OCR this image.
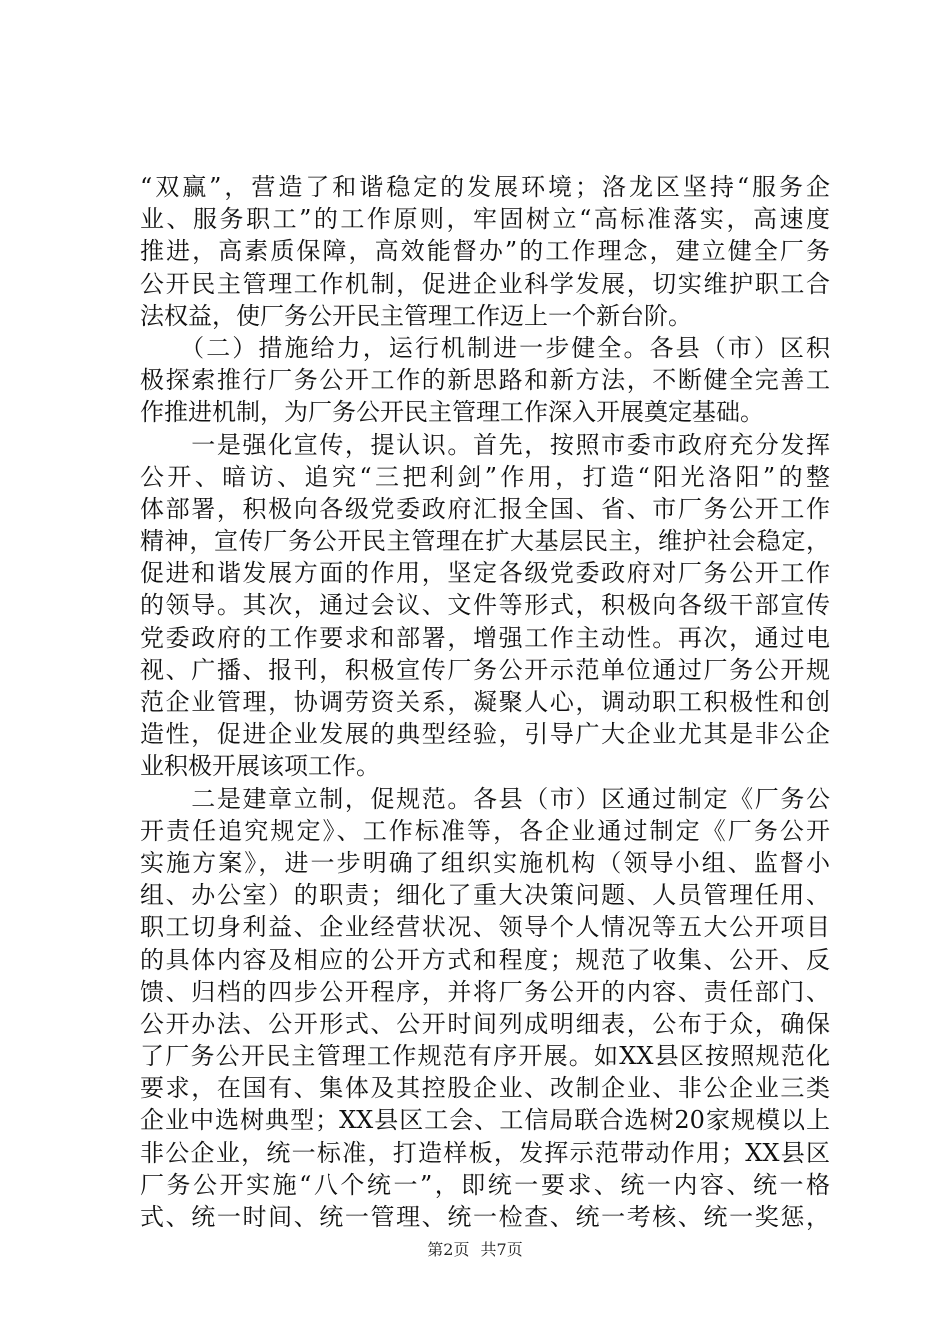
“双赢”，营造了和谐稳定的发展环境；洛龙区坚持“服务企
业、服务职工”的工作原则，牢固树立“高标准落实，高速度
推进，高素质保障，高效能督办”的工作理念，建立健全厂务
公开民主管理工作机制，促进企业科学发展，切实维护职工合
法权益，使厂务公开民主管理工作迈上一个新台阶。
　　（二）措施给力，运行机制进一步健全。各县（市）区积
极探索推行厂务公开工作的新思路和新方法，不断健全完善工
作推进机制，为厂务公开民主管理工作深入开展奠定基础。
　　一是强化宣传，提认识。首先，按照市委市政府充分发挥
公开、暗访、追究“三把利剑”作用，打造“阳光洛阳”的整
体部署，积极向各级党委政府汇报全国、省、市厂务公开工作
精神，宣传厂务公开民主管理在扩大基层民主，维护社会稳定，
促进和谐发展方面的作用，坚定各级党委政府对厂务公开工作
的领导。其次，通过会议、文件等形式，积极向各级干部宣传
党委政府的工作要求和部署，增强工作主动性。再次，通过电
视、广播、报刊，积极宣传厂务公开示范单位通过厂务公开规
范企业管理，协调劳资关系，凝聚人心，调动职工积极性和创
造性，促进企业发展的典型经验，引导广大企业尤其是非公企
业积极开展该项工作。
　　二是建章立制，促规范。各县（市）区通过制定《厂务公
开责任追究规定》、工作标准等，各企业通过制定《厂务公开
实施方案》，进一步明确了组织实施机构（领导小组、监督小
组、办公室）的职责；细化了重大决策问题、人员管理任用、
职工切身利益、企业经营状况、领导个人情况等五大公开项目
的具体内容及相应的公开方式和程度；规范了收集、公开、反
馈、归档的四步公开程序，并将厂务公开的内容、责任部门、
公开办法、公开形式、公开时间列成明细表，公布于众，确保
了厂务公开民主管理工作规范有序开展。如XX县区按照规范化
要求，在国有、集体及其控股企业、改制企业、非公企业三类
企业中选树典型；XX县区工会、工信局联合选树20家规模以上
非公企业，统一标准，打造样板，发挥示范带动作用；XX县区
厂务公开实施“八个统一”，即统一要求、统一内容、统一格
式、统一时间、统一管理、统一检查、统一考核、统一奖惩，
第2页 共7页
